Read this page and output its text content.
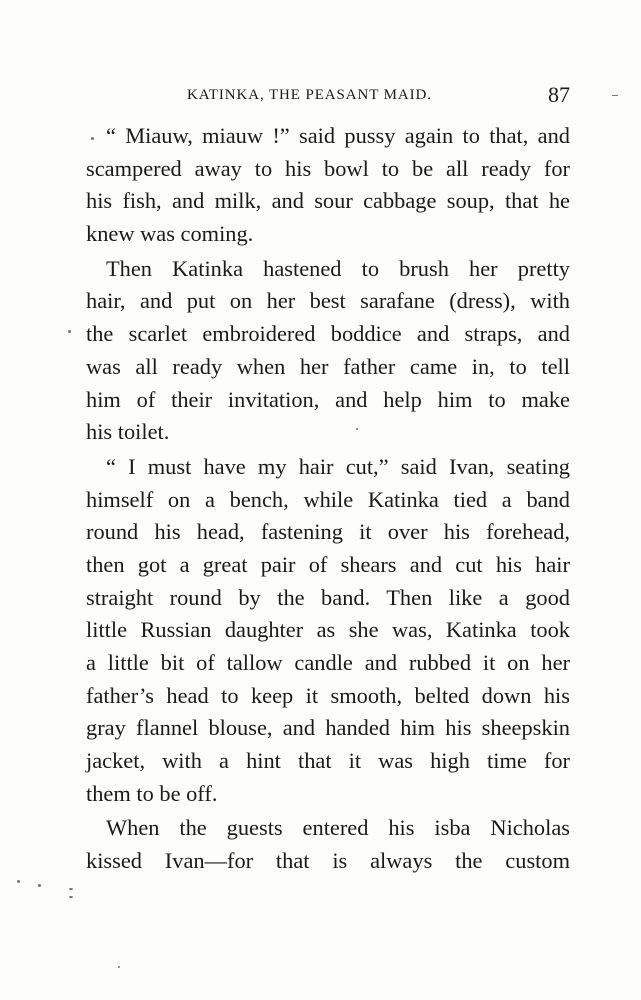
KATINKA, THE PEASANT MAID.	87
“ Miauw, miauw !” said pussy again to that, and
scampered away to his bowl to be all ready for
his fish, and milk, and sour cabbage soup, that he
knew was coming.
Then Katinka hastened to brush her pretty
hair, and put on her best sarafane (dress), with
the scarlet embroidered boddice and straps, and
was all ready when her father came in, to tell
him of their invitation, and help him to make
his toilet.
“ I must have my hair cut,” said Ivan, seating
himself on a bench, while Katinka tied a band
round his head, fastening it over his forehead,
then got a great pair of shears and cut his hair
straight round by the band. Then like a good
little Russian daughter as she was, Katinka took
a little bit of tallow candle and rubbed it on her
father’s head to keep it smooth, belted down his
gray flannel blouse, and handed him his sheepskin
jacket, with a hint that it was high time for
them to be off.
When the guests entered his isba Nicholas
kissed Ivan—for that is always the custom
